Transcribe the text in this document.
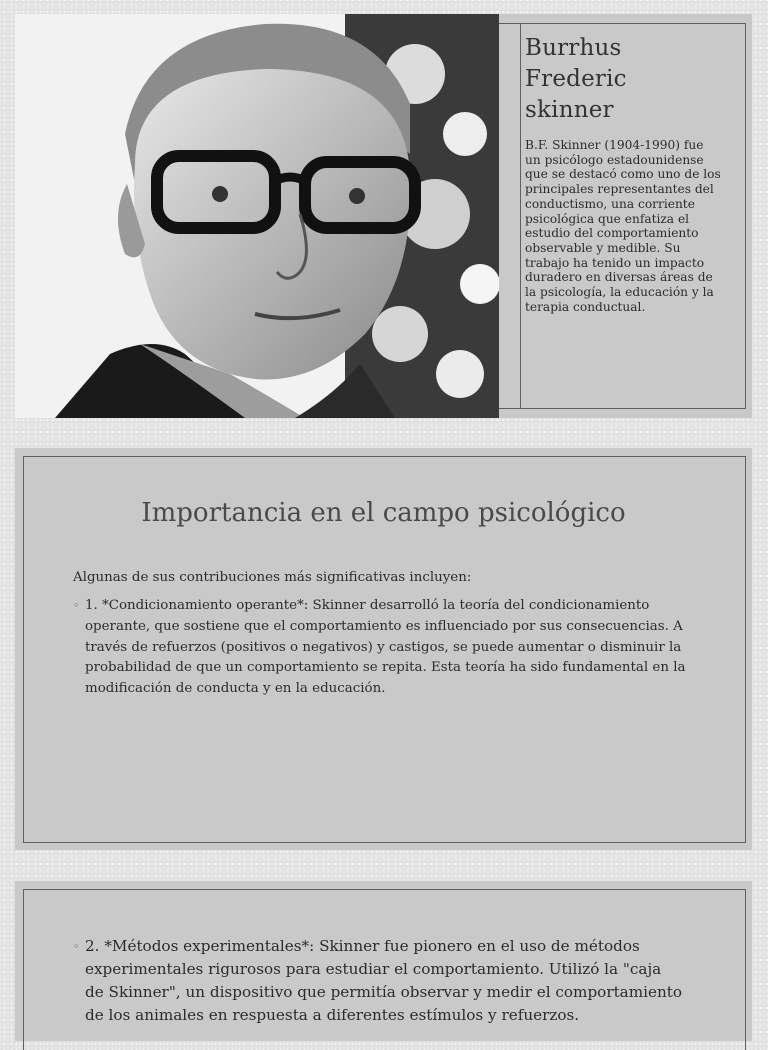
Burrhus Frederic skinner
B.F. Skinner (1904-1990) fue un psicólogo estadounidense que se destacó como uno de los principales representantes del conductismo, una corriente psicológica que enfatiza el estudio del comportamiento observable y medible. Su trabajo ha tenido un impacto duradero en diversas áreas de la psicología, la educación y la terapia conductual.
Importancia en el campo psicológico
Algunas de sus contribuciones más significativas incluyen:
◦ 1. *Condicionamiento operante*: Skinner desarrolló la teoría del condicionamiento operante, que sostiene que el comportamiento es influenciado por sus consecuencias. A través de refuerzos (positivos o negativos) y castigos, se puede aumentar o disminuir la probabilidad de que un comportamiento se repita. Esta teoría ha sido fundamental en la modificación de conducta y en la educación.
◦ 2. *Métodos experimentales*: Skinner fue pionero en el uso de métodos experimentales rigurosos para estudiar el comportamiento. Utilizó la "caja de Skinner", un dispositivo que permitía observar y medir el comportamiento de los animales en respuesta a diferentes estímulos y refuerzos.
